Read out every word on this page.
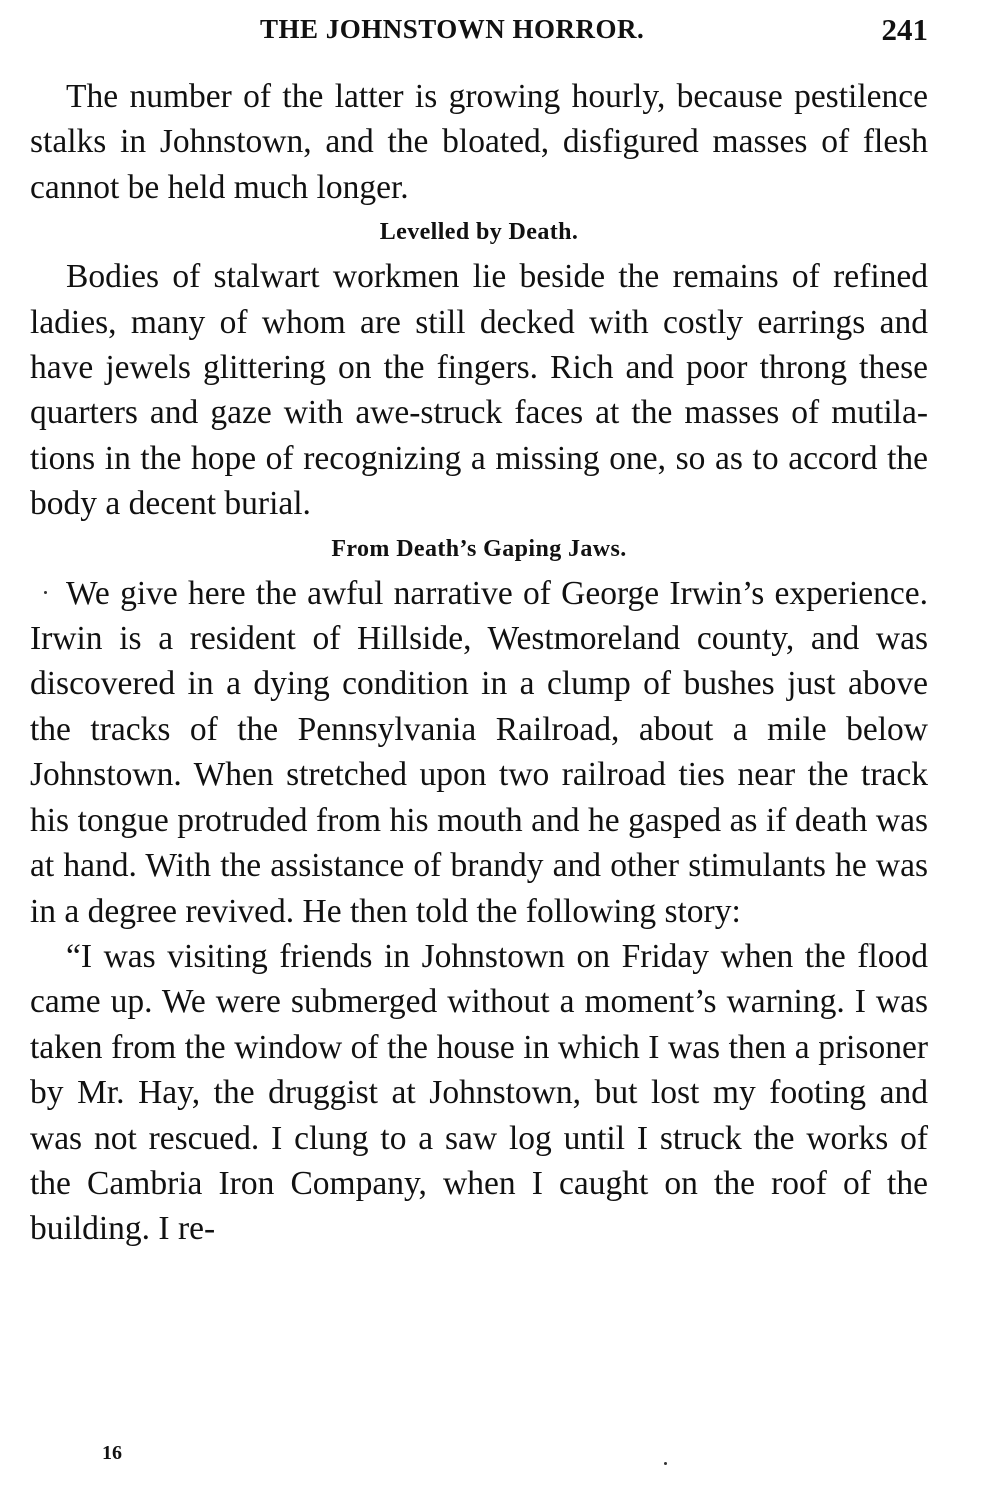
THE JOHNSTOWN HORROR.	241

The number of the latter is growing hourly, because pestilence stalks in Johnstown, and the bloated, disfigured masses of flesh cannot be held much longer.

Levelled by Death.

Bodies of stalwart workmen lie beside the remains of refined ladies, many of whom are still decked with costly earrings and have jewels glittering on the fingers. Rich and poor throng these quarters and gaze with awe-struck faces at the masses of mutilations in the hope of recognizing a missing one, so as to accord the body a decent burial.

From Death’s Gaping Jaws.

We give here the awful narrative of George Irwin’s experience. Irwin is a resident of Hillside, Westmoreland county, and was discovered in a dying condition in a clump of bushes just above the tracks of the Pennsylvania Railroad, about a mile below Johnstown. When stretched upon two railroad ties near the track his tongue protruded from his mouth and he gasped as if death was at hand. With the assistance of brandy and other stimulants he was in a degree revived. He then told the following story:

“I was visiting friends in Johnstown on Friday when the flood came up. We were submerged without a moment’s warning. I was taken from the window of the house in which I was then a prisoner by Mr. Hay, the druggist at Johnstown, but lost my footing and was not rescued. I clung to a saw log until I struck the works of the Cambria Iron Company, when I caught on the roof of the building. I re-

16
